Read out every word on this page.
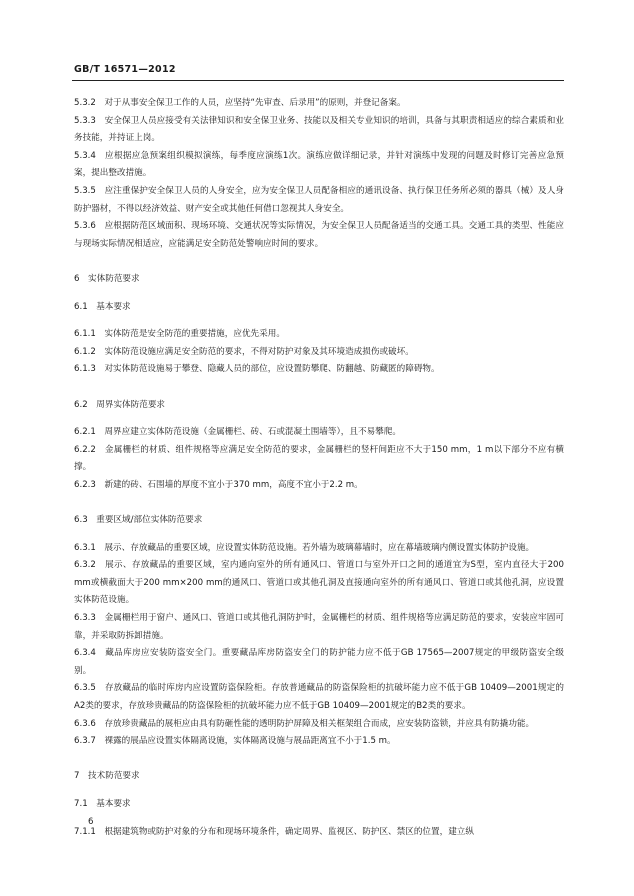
GB/T 16571—2012

5.3.2　对于从事安全保卫工作的人员，应坚持“先审查、后录用”的原则，并登记备案。

5.3.3　安全保卫人员应接受有关法律知识和安全保卫业务、技能以及相关专业知识的培训，具备与其职责相适应的综合素质和业务技能，并持证上岗。

5.3.4　应根据应急预案组织模拟演练，每季度应演练1次。演练应做详细记录，并针对演练中发现的问题及时修订完善应急预案，提出整改措施。

5.3.5　应注重保护安全保卫人员的人身安全，应为安全保卫人员配备相应的通讯设备、执行保卫任务所必须的器具（械）及人身防护器材，不得以经济效益、财产安全或其他任何借口忽视其人身安全。

5.3.6　应根据防范区域面积、现场环境、交通状况等实际情况，为安全保卫人员配备适当的交通工具。交通工具的类型、性能应与现场实际情况相适应，应能满足安全防范处警响应时间的要求。

6　实体防范要求

6.1　基本要求

6.1.1　实体防范是安全防范的重要措施，应优先采用。

6.1.2　实体防范设施应满足安全防范的要求，不得对防护对象及其环境造成损伤或破坏。

6.1.3　对实体防范设施易于攀登、隐藏人员的部位，应设置防攀爬、防翻越、防藏匿的障碍物。

6.2　周界实体防范要求

6.2.1　周界应建立实体防范设施（金属栅栏、砖、石或混凝土围墙等），且不易攀爬。

6.2.2　金属栅栏的材质、组件规格等应满足安全防范的要求，金属栅栏的竖杆间距应不大于150 mm，1 m以下部分不应有横撑。

6.2.3　新建的砖、石围墙的厚度不宜小于370 mm，高度不宜小于2.2 m。

6.3　重要区域/部位实体防范要求

6.3.1　展示、存放藏品的重要区域，应设置实体防范设施。若外墙为玻璃幕墙时，应在幕墙玻璃内侧设置实体防护设施。

6.3.2　展示、存放藏品的重要区域，室内通向室外的所有通风口、管道口与室外开口之间的通道宜为S型，室内直径大于200 mm或横截面大于200 mm×200 mm的通风口、管道口或其他孔洞及直接通向室外的所有通风口、管道口或其他孔洞，应设置实体防范设施。

6.3.3　金属栅栏用于窗户、通风口、管道口或其他孔洞防护时，金属栅栏的材质、组件规格等应满足防范的要求，安装应牢固可靠，并采取防拆卸措施。

6.3.4　藏品库房应安装防盗安全门。重要藏品库房防盗安全门的防护能力应不低于GB 17565—2007规定的甲级防盗安全级别。

6.3.5　存放藏品的临时库房内应设置防盗保险柜。存放普通藏品的防盗保险柜的抗破坏能力应不低于GB 10409—2001规定的A2类的要求，存放珍贵藏品的防盗保险柜的抗破坏能力应不低于GB 10409—2001规定的B2类的要求。

6.3.6　存放珍贵藏品的展柜应由具有防砸性能的透明防护屏障及相关框架组合而成，应安装防盗锁，并应具有防撬功能。

6.3.7　裸露的展品应设置实体隔离设施，实体隔离设施与展品距离宜不小于1.5 m。

7　技术防范要求

7.1　基本要求

7.1.1　根据建筑物或防护对象的分布和现场环境条件，确定周界、监视区、防护区、禁区的位置，建立纵

6
